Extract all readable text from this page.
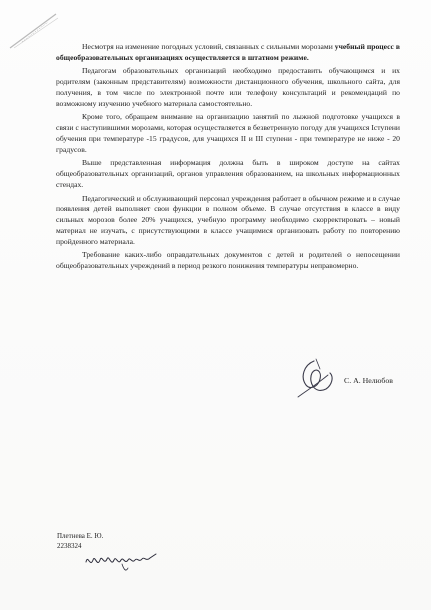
Несмотря на изменение погодных условий, связанных с сильными морозами учебный процесс в общеобразовательных организациях осуществляется в штатном режиме.

Педагогам образовательных организаций необходимо предоставить обучающимся и их родителям (законным представителям) возможности дистанционного обучения, школьного сайта, для получения, в том числе по электронной почте или телефону консультаций и рекомендаций по возможному изучению учебного материала самостоятельно.

Кроме того, обращаем внимание на организацию занятий по лыжной подготовке учащихся в связи с наступившими морозами, которая осуществляется в безветренную погоду для учащихся Iступени обучения при температуре -15 градусов, для учащихся II и III ступени - при температуре не ниже - 20 градусов.

Выше представленная информация должна быть в широком доступе на сайтах общеобразовательных организаций, органов управления образованием, на школьных информационных стендах.

Педагогический и обслуживающий персонал учреждения работает в обычном режиме и в случае появления детей выполняет свои функции в полном объеме. В случае отсутствия в классе в виду сильных морозов более 20% учащихся, учебную программу необходимо скорректировать – новый материал не изучать, с присутствующими в классе учащимися организовать работу по повторению пройденного материала.

Требование каких-либо оправдательных документов с детей и родителей о непосещении общеобразовательных учреждений в период резкого понижения температуры неправомерно.

С. А. Нелюбов
Плетнева Е. Ю.
2238324
